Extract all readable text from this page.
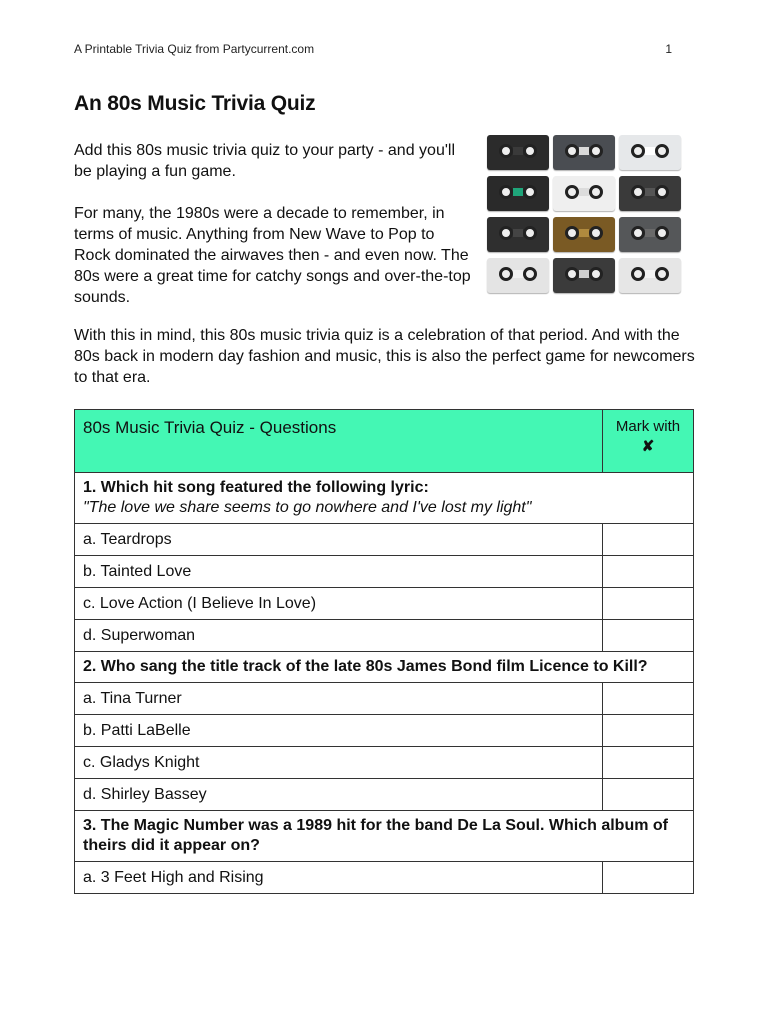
A Printable Trivia Quiz from Partycurrent.com	1
An 80s Music Trivia Quiz

Add this 80s music trivia quiz to your party - and you'll be playing a fun game.

For many, the 1980s were a decade to remember, in terms of music. Anything from New Wave to Pop to Rock dominated the airwaves then - and even now. The 80s were a great time for catchy songs and over-the-top sounds.

With this in mind, this 80s music trivia quiz is a celebration of that period. And with the 80s back in modern day fashion and music, this is also the perfect game for newcomers to that era.

80s Music Trivia Quiz - Questions	Mark with
✘
1. Which hit song featured the following lyric:
"The love we share seems to go nowhere and I've lost my light"	

a. Teardrops	
b. Tainted Love	
c. Love Action (I Believe In Love)	
d. Superwoman	
2. Who sang the title track of the late 80s James Bond film Licence to Kill?	
a. Tina Turner	
b. Patti LaBelle	
c. Gladys Knight	
d. Shirley Bassey	
3. The Magic Number was a 1989 hit for the band De La Soul. Which album of theirs did it appear on?	
a. 3 Feet High and Rising	
